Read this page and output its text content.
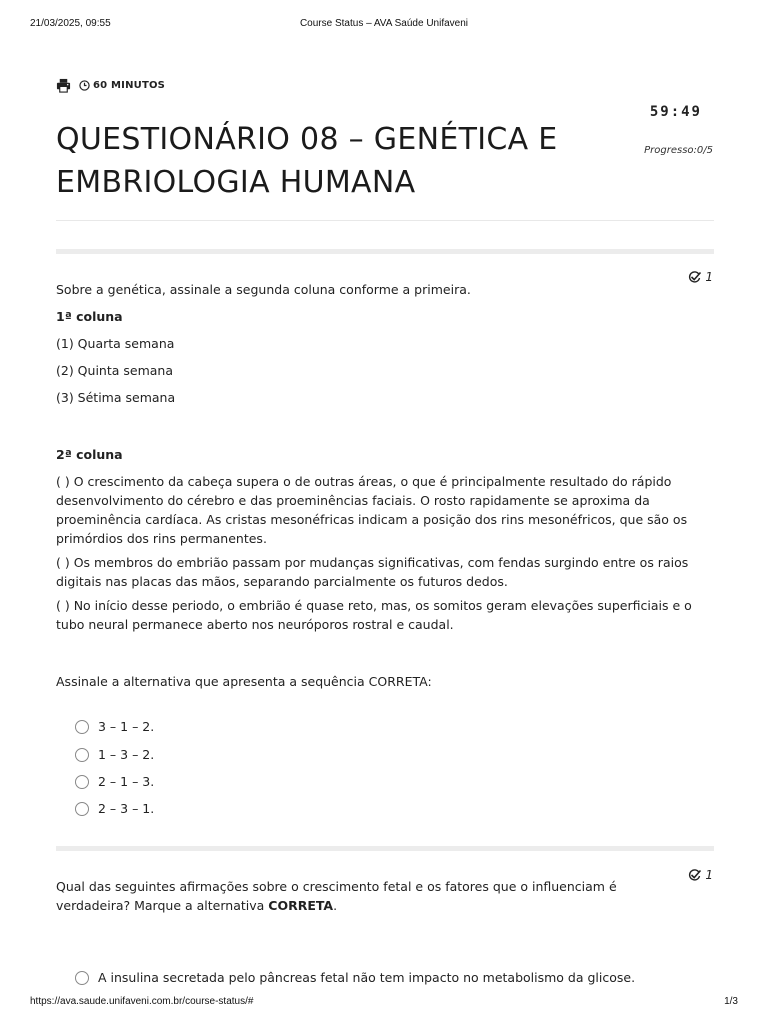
21/03/2025, 09:55	Course Status – AVA Saúde Unifaveni
60 MINUTOS
59:49
Progresso:0/5
QUESTIONÁRIO 08 – GENÉTICA E EMBRIOLOGIA HUMANA
1

Sobre a genética, assinale a segunda coluna conforme a primeira.

1ª coluna

(1) Quarta semana

(2) Quinta semana

(3) Sétima semana

2ª coluna

( ) O crescimento da cabeça supera o de outras áreas, o que é principalmente resultado do rápido desenvolvimento do cérebro e das proeminências faciais. O rosto rapidamente se aproxima da proeminência cardíaca. As cristas mesonéfricas indicam a posição dos rins mesonéfricos, que são os primórdios dos rins permanentes.

( ) Os membros do embrião passam por mudanças significativas, com fendas surgindo entre os raios digitais nas placas das mãos, separando parcialmente os futuros dedos.

( ) No início desse periodo, o embrião é quase reto, mas, os somitos geram elevações superficiais e o tubo neural permanece aberto nos neuróporos rostral e caudal.

Assinale a alternativa que apresenta a sequência CORRETA:
3 – 1 – 2.
1 – 3 – 2.
2 – 1 – 3.
2 – 3 – 1.
1
Qual das seguintes afirmações sobre o crescimento fetal e os fatores que o influenciam é verdadeira? Marque a alternativa CORRETA.
A insulina secretada pelo pâncreas fetal não tem impacto no metabolismo da glicose.
https://ava.saude.unifaveni.com.br/course-status/#	1/3
